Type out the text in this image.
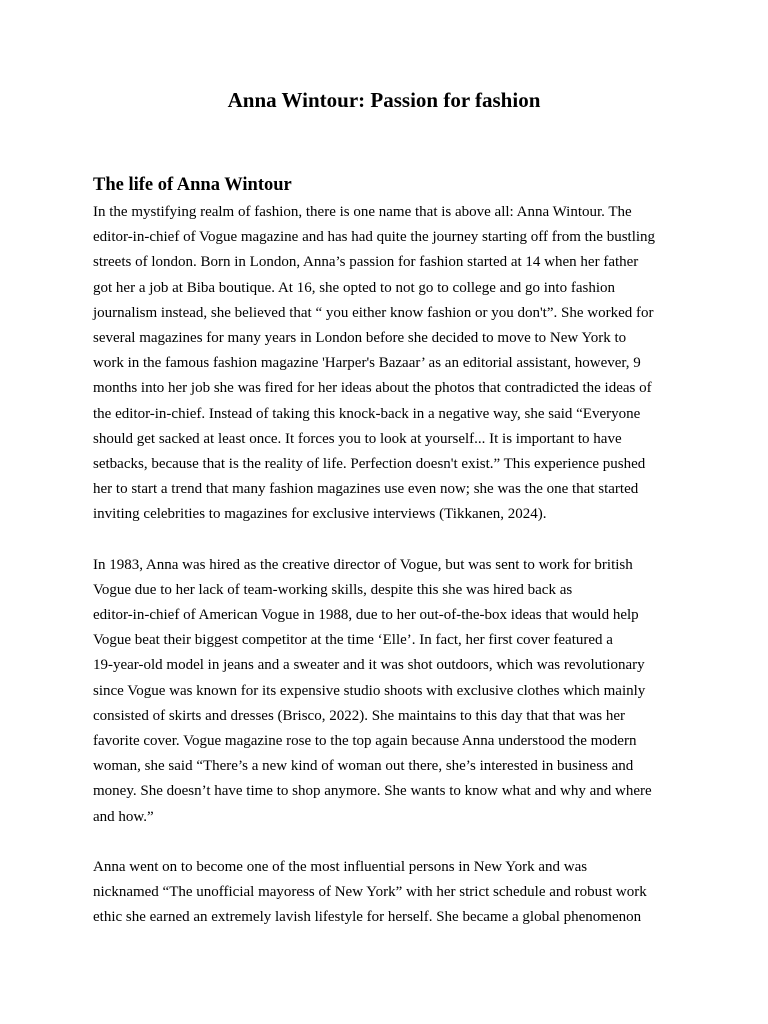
Anna Wintour: Passion for fashion
The life of Anna Wintour
In the mystifying realm of fashion, there is one name that is above all: Anna Wintour. The
editor-in-chief of Vogue magazine and has had quite the journey starting off from the bustling
streets of london. Born in London, Anna’s passion for fashion started at 14 when her father
got her a job at Biba boutique. At 16, she opted to not go to college and go into fashion
journalism instead, she believed that “ you either know fashion or you don't”. She worked for
several magazines for many years in London before she decided to move to New York to
work in the famous fashion magazine 'Harper's Bazaar’ as an editorial assistant, however, 9
months into her job she was fired for her ideas about the photos that contradicted the ideas of
the editor-in-chief. Instead of taking this knock-back in a negative way, she said “Everyone
should get sacked at least once. It forces you to look at yourself... It is important to have
setbacks, because that is the reality of life. Perfection doesn't exist.” This experience pushed
her to start a trend that many fashion magazines use even now; she was the one that started
inviting celebrities to magazines for exclusive interviews (Tikkanen, 2024).
In 1983, Anna was hired as the creative director of Vogue, but was sent to work for british
Vogue due to her lack of team-working skills, despite this she was hired back as
editor-in-chief of American Vogue in 1988, due to her out-of-the-box ideas that would help
Vogue beat their biggest competitor at the time ‘Elle’. In fact, her first cover featured a
19-year-old model in jeans and a sweater and it was shot outdoors, which was revolutionary
since Vogue was known for its expensive studio shoots with exclusive clothes which mainly
consisted of skirts and dresses (Brisco, 2022). She maintains to this day that that was her
favorite cover. Vogue magazine rose to the top again because Anna understood the modern
woman, she said “There’s a new kind of woman out there, she’s interested in business and
money. She doesn’t have time to shop anymore. She wants to know what and why and where
and how.”
Anna went on to become one of the most influential persons in New York and was
nicknamed “The unofficial mayoress of New York” with her strict schedule and robust work
ethic she earned an extremely lavish lifestyle for herself. She became a global phenomenon
